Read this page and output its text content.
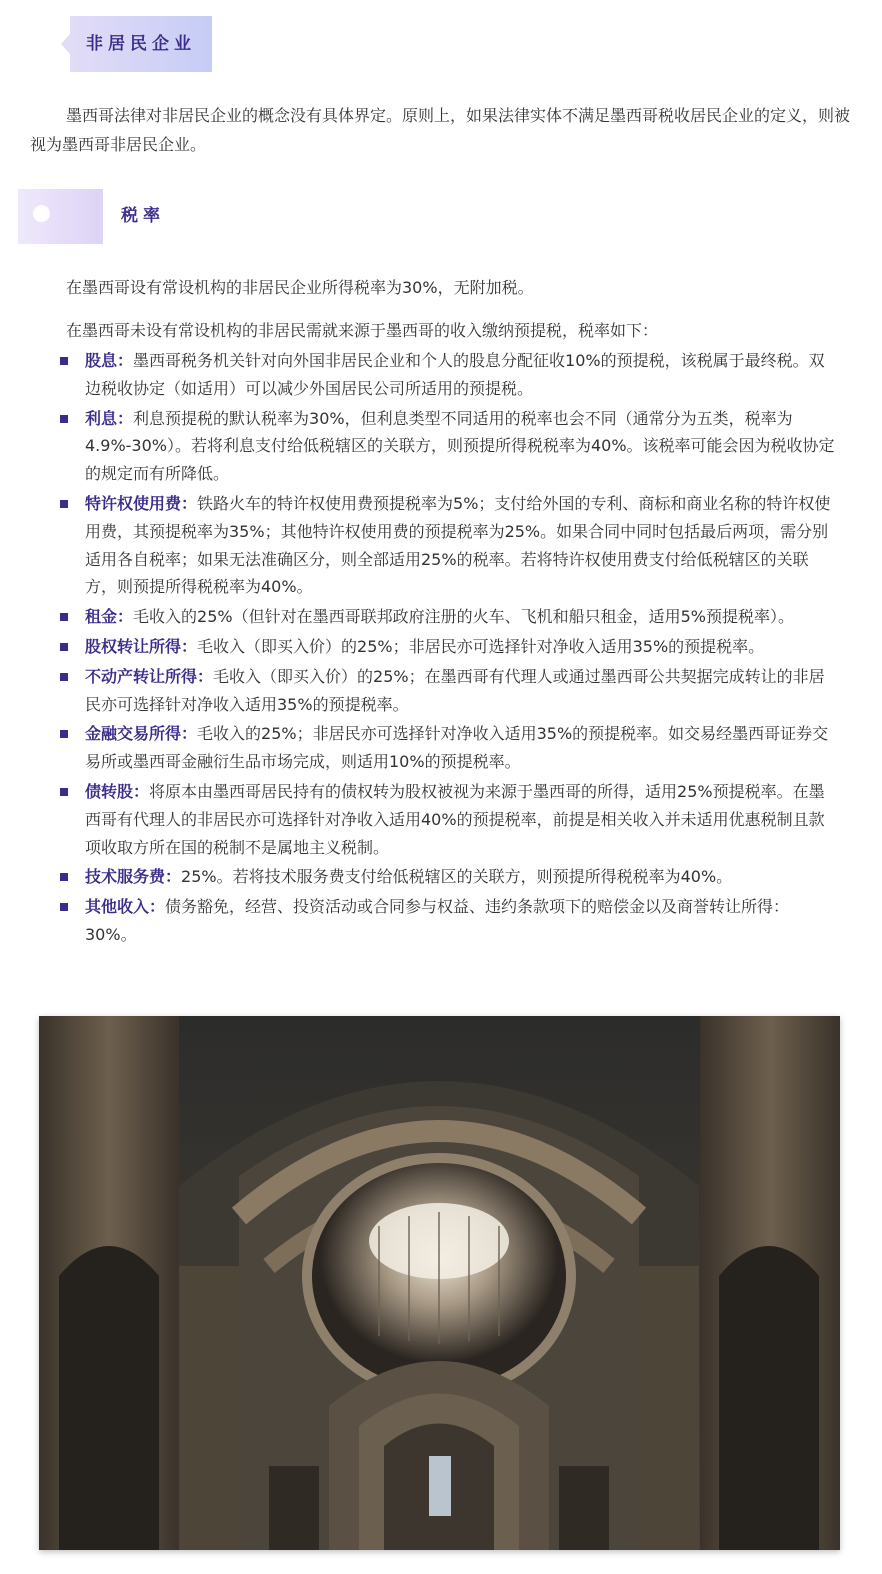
非居民企业

墨西哥法律对非居民企业的概念没有具体界定。原则上，如果法律实体不满足墨西哥税收居民企业的定义，则被视为墨西哥非居民企业。

税率

在墨西哥设有常设机构的非居民企业所得税率为30%，无附加税。

在墨西哥未设有常设机构的非居民需就来源于墨西哥的收入缴纳预提税，税率如下：

股息：墨西哥税务机关针对向外国非居民企业和个人的股息分配征收10%的预提税，该税属于最终税。双边税收协定（如适用）可以减少外国居民公司所适用的预提税。
利息：利息预提税的默认税率为30%，但利息类型不同适用的税率也会不同（通常分为五类，税率为4.9%-30%）。若将利息支付给低税辖区的关联方，则预提所得税税率为40%。该税率可能会因为税收协定的规定而有所降低。
特许权使用费：铁路火车的特许权使用费预提税率为5%；支付给外国的专利、商标和商业名称的特许权使用费，其预提税率为35%；其他特许权使用费的预提税率为25%。如果合同中同时包括最后两项，需分别适用各自税率；如果无法准确区分，则全部适用25%的税率。若将特许权使用费支付给低税辖区的关联方，则预提所得税税率为40%。
租金：毛收入的25%（但针对在墨西哥联邦政府注册的火车、飞机和船只租金，适用5%预提税率）。
股权转让所得：毛收入（即买入价）的25%；非居民亦可选择针对净收入适用35%的预提税率。
不动产转让所得：毛收入（即买入价）的25%；在墨西哥有代理人或通过墨西哥公共契据完成转让的非居民亦可选择针对净收入适用35%的预提税率。
金融交易所得：毛收入的25%；非居民亦可选择针对净收入适用35%的预提税率。如交易经墨西哥证券交易所或墨西哥金融衍生品市场完成，则适用10%的预提税率。
债转股：将原本由墨西哥居民持有的债权转为股权被视为来源于墨西哥的所得，适用25%预提税率。在墨西哥有代理人的非居民亦可选择针对净收入适用40%的预提税率，前提是相关收入并未适用优惠税制且款项收取方所在国的税制不是属地主义税制。
技术服务费：25%。若将技术服务费支付给低税辖区的关联方，则预提所得税税率为40%。
其他收入：债务豁免，经营、投资活动或合同参与权益、违约条款项下的赔偿金以及商誉转让所得：30%。
